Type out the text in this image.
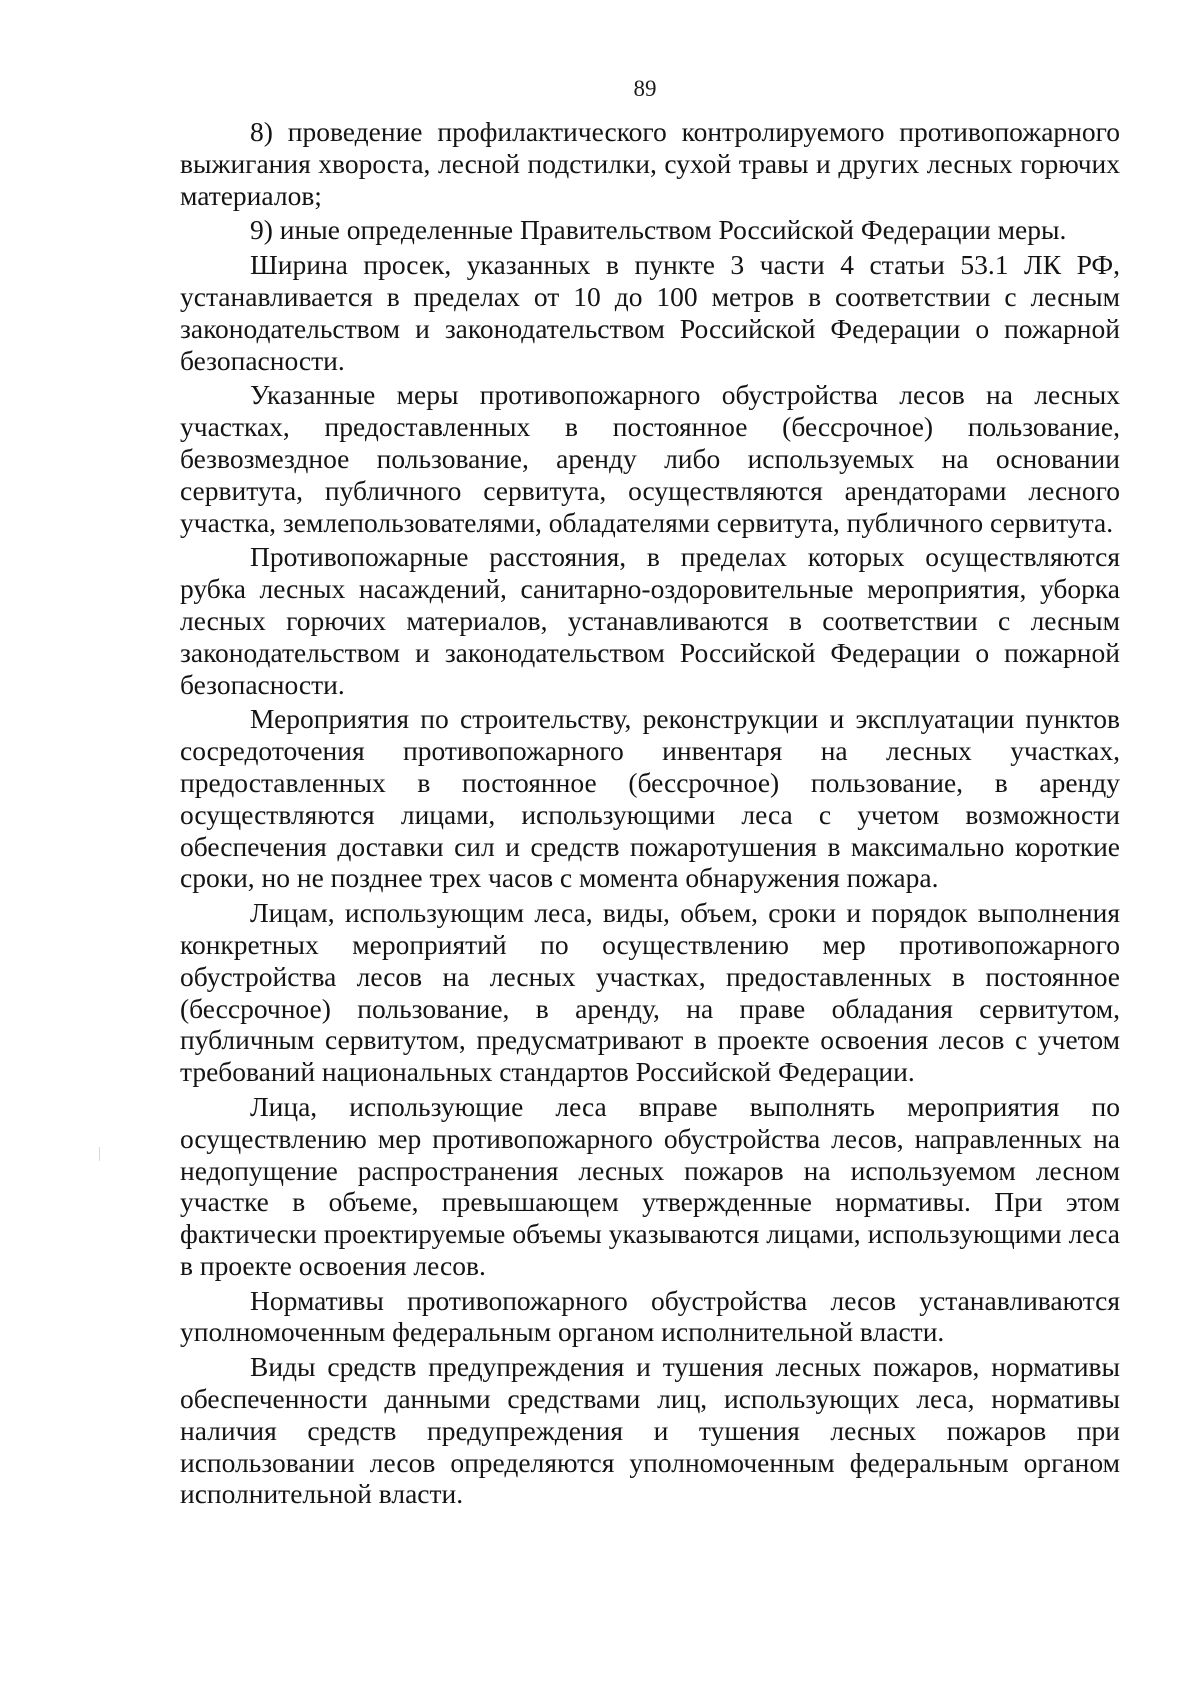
89

8) проведение профилактического контролируемого противопожарного выжигания хвороста, лесной подстилки, сухой травы и других лесных горючих материалов;

9) иные определенные Правительством Российской Федерации меры.

Ширина просек, указанных в пункте 3 части 4 статьи 53.1 ЛК РФ, устанавливается в пределах от 10 до 100 метров в соответствии с лесным законодательством и законодательством Российской Федерации о пожарной безопасности.

Указанные меры противопожарного обустройства лесов на лесных участках, предоставленных в постоянное (бессрочное) пользование, безвозмездное пользование, аренду либо используемых на основании сервитута, публичного сервитута, осуществляются арендаторами лесного участка, землепользователями, обладателями сервитута, публичного сервитута.

Противопожарные расстояния, в пределах которых осуществляются рубка лесных насаждений, санитарно-оздоровительные мероприятия, уборка лесных горючих материалов, устанавливаются в соответствии с лесным законодательством и законодательством Российской Федерации о пожарной безопасности.

Мероприятия по строительству, реконструкции и эксплуатации пунктов сосредоточения противопожарного инвентаря на лесных участках, предоставленных в постоянное (бессрочное) пользование, в аренду осуществляются лицами, использующими леса с учетом возможности обеспечения доставки сил и средств пожаротушения в максимально короткие сроки, но не позднее трех часов с момента обнаружения пожара.

Лицам, использующим леса, виды, объем, сроки и порядок выполнения конкретных мероприятий по осуществлению мер противопожарного обустройства лесов на лесных участках, предоставленных в постоянное (бессрочное) пользование, в аренду, на праве обладания сервитутом, публичным сервитутом, предусматривают в проекте освоения лесов с учетом требований национальных стандартов Российской Федерации.

Лица, использующие леса вправе выполнять мероприятия по осуществлению мер противопожарного обустройства лесов, направленных на недопущение распространения лесных пожаров на используемом лесном участке в объеме, превышающем утвержденные нормативы. При этом фактически проектируемые объемы указываются лицами, использующими леса в проекте освоения лесов.

Нормативы противопожарного обустройства лесов устанавливаются уполномоченным федеральным органом исполнительной власти.

Виды средств предупреждения и тушения лесных пожаров, нормативы обеспеченности данными средствами лиц, использующих леса, нормативы наличия средств предупреждения и тушения лесных пожаров при использовании лесов определяются уполномоченным федеральным органом исполнительной власти.
